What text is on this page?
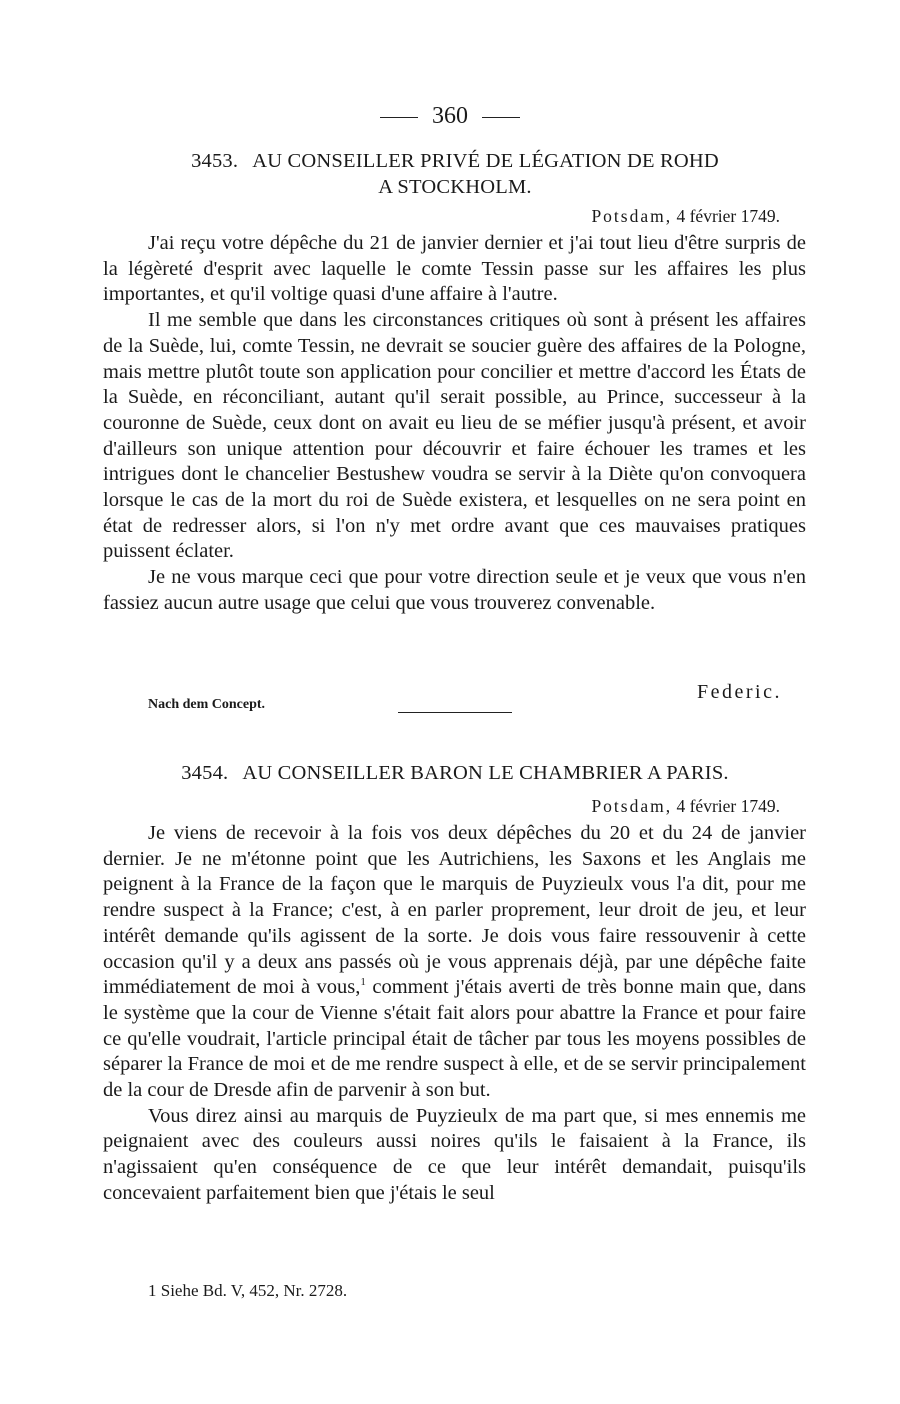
360
3453. AU CONSEILLER PRIVÉ DE LÉGATION DE ROHD
A STOCKHOLM.
Potsdam, 4 février 1749.

J'ai reçu votre dépêche du 21 de janvier dernier et j'ai tout lieu d'être surpris de la légèreté d'esprit avec laquelle le comte Tessin passe sur les affaires les plus importantes, et qu'il voltige quasi d'une affaire à l'autre.

Il me semble que dans les circonstances critiques où sont à présent les affaires de la Suède, lui, comte Tessin, ne devrait se soucier guère des affaires de la Pologne, mais mettre plutôt toute son application pour concilier et mettre d'accord les États de la Suède, en réconciliant, autant qu'il serait possible, au Prince, successeur à la couronne de Suède, ceux dont on avait eu lieu de se méfier jusqu'à présent, et avoir d'ailleurs son unique attention pour découvrir et faire échouer les trames et les intrigues dont le chancelier Bestushew voudra se servir à la Diète qu'on convoquera lorsque le cas de la mort du roi de Suède existera, et lesquelles on ne sera point en état de redresser alors, si l'on n'y met ordre avant que ces mauvaises pratiques puissent éclater.

Je ne vous marque ceci que pour votre direction seule et je veux que vous n'en fassiez aucun autre usage que celui que vous trouverez convenable.

Federic.
Nach dem Concept.
3454. AU CONSEILLER BARON LE CHAMBRIER A PARIS.
Potsdam, 4 février 1749.

Je viens de recevoir à la fois vos deux dépêches du 20 et du 24 de janvier dernier. Je ne m'étonne point que les Autrichiens, les Saxons et les Anglais me peignent à la France de la façon que le marquis de Puyzieulx vous l'a dit, pour me rendre suspect à la France; c'est, à en parler proprement, leur droit de jeu, et leur intérêt demande qu'ils agissent de la sorte. Je dois vous faire ressouvenir à cette occasion qu'il y a deux ans passés où je vous apprenais déjà, par une dépêche faite immédiatement de moi à vous,$^1$ comment j'étais averti de très bonne main que, dans le système que la cour de Vienne s'était fait alors pour abattre la France et pour faire ce qu'elle voudrait, l'article principal était de tâcher par tous les moyens possibles de séparer la France de moi et de me rendre suspect à elle, et de se servir principalement de la cour de Dresde afin de parvenir à son but.

Vous direz ainsi au marquis de Puyzieulx de ma part que, si mes ennemis me peignaient avec des couleurs aussi noires qu'ils le faisaient à la France, ils n'agissaient qu'en conséquence de ce que leur intérêt demandait, puisqu'ils concevaient parfaitement bien que j'étais le seul

1 Siehe Bd. V, 452, Nr. 2728.
